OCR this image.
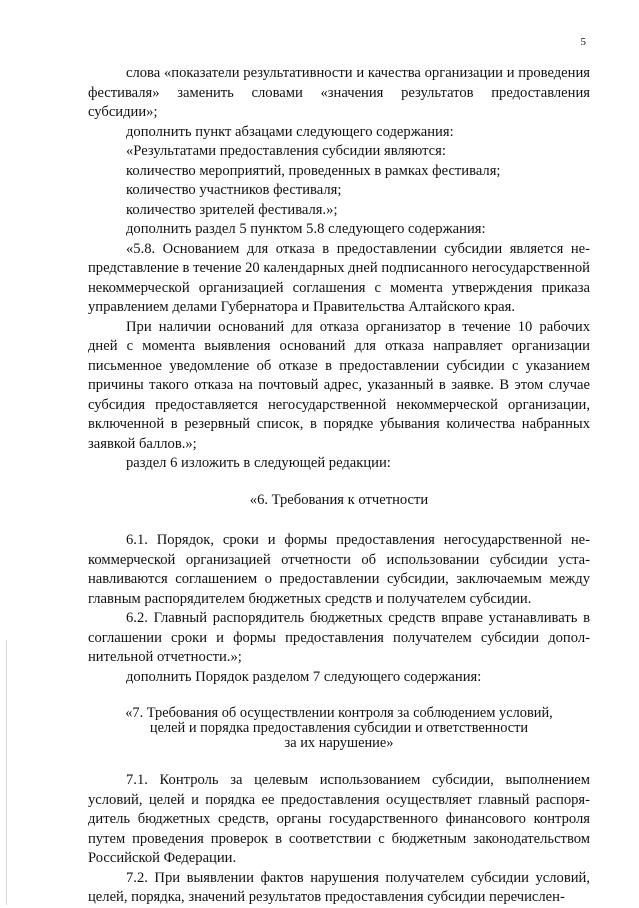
5

слова «показатели результативности и качества организации и проведения фестиваля» заменить словами «значения результатов предоставления субсидии»;

дополнить пункт абзацами следующего содержания:

«Результатами предоставления субсидии являются:

количество мероприятий, проведенных в рамках фестиваля;

количество участников фестиваля;

количество зрителей фестиваля.»;

дополнить раздел 5 пунктом 5.8 следующего содержания:

«5.8. Основанием для отказа в предоставлении субсидии является непредставление в течение 20 календарных дней подписанного негосударственной некоммерческой организацией соглашения с момента утверждения приказа управлением делами Губернатора и Правительства Алтайского края.

При наличии оснований для отказа организатор в течение 10 рабочих дней с момента выявления оснований для отказа направляет организации письменное уведомление об отказе в предоставлении субсидии с указанием причины такого отказа на почтовый адрес, указанный в заявке. В этом случае субсидия предоставляется негосударственной некоммерческой организации, включенной в резервный список, в порядке убывания количества набранных заявкой баллов.»;

раздел 6 изложить в следующей редакции:

«6. Требования к отчетности

6.1. Порядок, сроки и формы предоставления негосударственной некоммерческой организацией отчетности об использовании субсидии устанавливаются соглашением о предоставлении субсидии, заключаемым между главным распорядителем бюджетных средств и получателем субсидии.

6.2. Главный распорядитель бюджетных средств вправе устанавливать в соглашении сроки и формы предоставления получателем субсидии дополнительной отчетности.»;

дополнить Порядок разделом 7 следующего содержания:

«7. Требования об осуществлении контроля за соблюдением условий,
целей и порядка предоставления субсидии и ответственности
за их нарушение»

7.1. Контроль за целевым использованием субсидии, выполнением условий, целей и порядка ее предоставления осуществляет главный распорядитель бюджетных средств, органы государственного финансового контроля путем проведения проверок в соответствии с бюджетным законодательством Российской Федерации.

7.2. При выявлении фактов нарушения получателем субсидии условий, целей, порядка, значений результатов предоставления субсидии перечислен-
